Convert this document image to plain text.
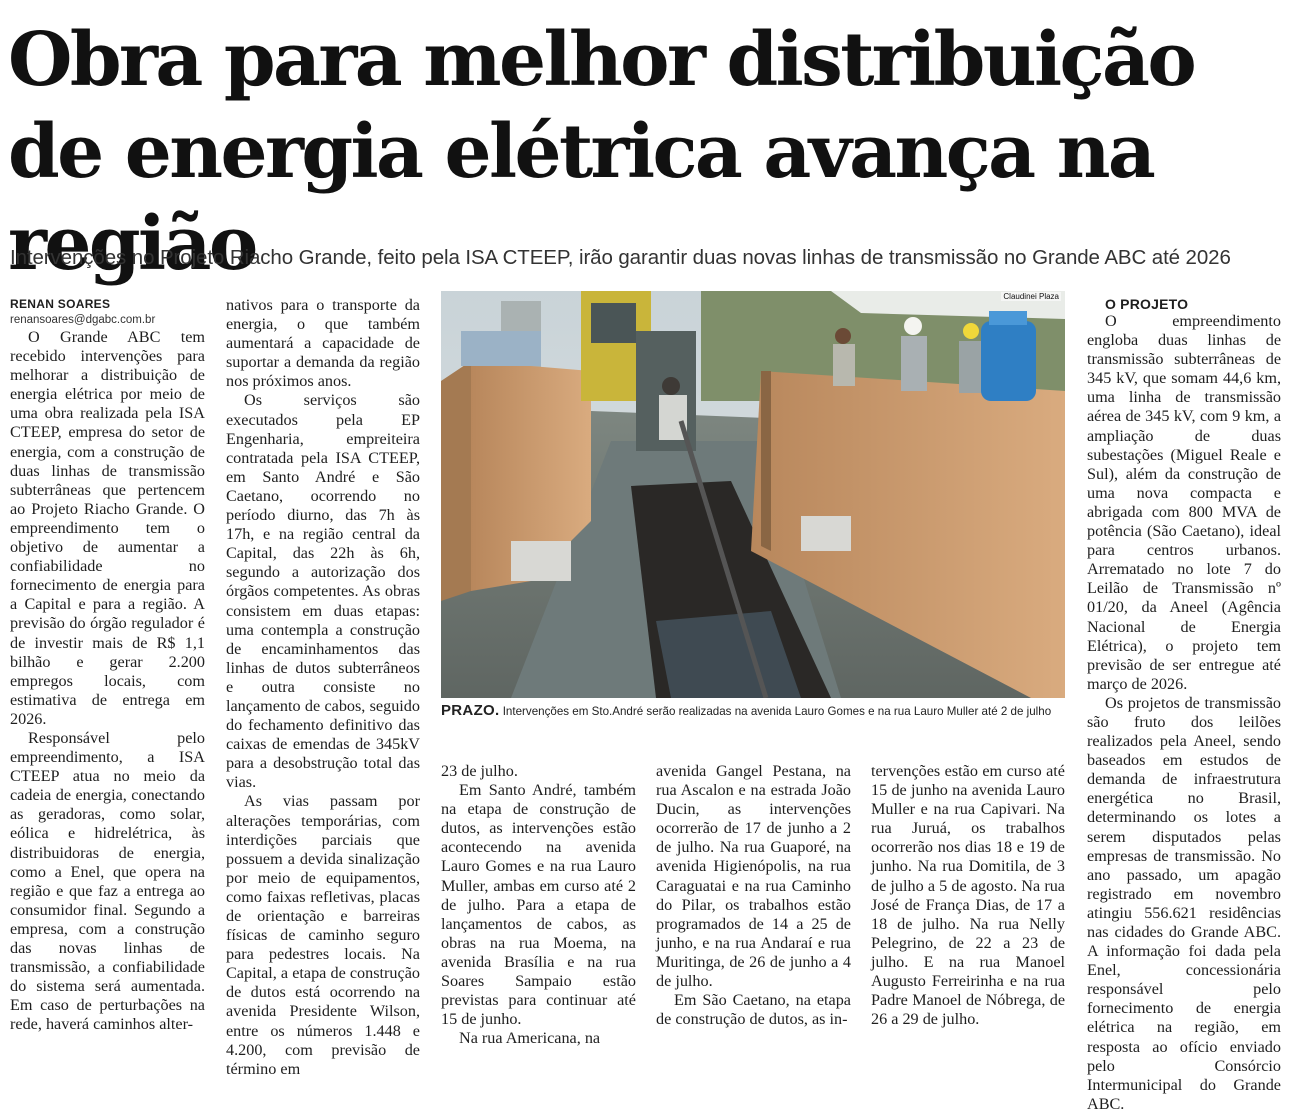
Obra para melhor distribuição de energia elétrica avança na região

Intervenções no Projeto Riacho Grande, feito pela ISA CTEEP, irão garantir duas novas linhas de transmissão no Grande ABC até 2026

RENAN SOARES

renansoares@dgabc.com.br

O Grande ABC tem recebido intervenções para melhorar a distribuição de energia elétrica por meio de uma obra realizada pela ISA CTEEP, empresa do setor de energia, com a construção de duas linhas de transmissão subterrâneas que pertencem ao Projeto Riacho Grande. O empreendimento tem o objetivo de aumentar a confiabilidade no fornecimento de energia para a Capital e para a região. A previsão do órgão regulador é de investir mais de R$ 1,1 bilhão e gerar 2.200 empregos locais, com estimativa de entrega em 2026.

Responsável pelo empreendimento, a ISA CTEEP atua no meio da cadeia de energia, conectando as geradoras, como solar, eólica e hidrelétrica, às distribuidoras de energia, como a Enel, que opera na região e que faz a entrega ao consumidor final. Segundo a empresa, com a construção das novas linhas de transmissão, a confiabilidade do sistema será aumentada. Em caso de perturbações na rede, haverá caminhos alter-

nativos para o transporte da energia, o que também aumentará a capacidade de suportar a demanda da região nos próximos anos.

Os serviços são executados pela EP Engenharia, empreiteira contratada pela ISA CTEEP, em Santo André e São Caetano, ocorrendo no período diurno, das 7h às 17h, e na região central da Capital, das 22h às 6h, segundo a autorização dos órgãos competentes. As obras consistem em duas etapas: uma contempla a construção de encaminhamentos das linhas de dutos subterrâneos e outra consiste no lançamento de cabos, seguido do fechamento definitivo das caixas de emendas de 345kV para a desobstrução total das vias.

As vias passam por alterações temporárias, com interdições parciais que possuem a devida sinalização por meio de equipamentos, como faixas refletivas, placas de orientação e barreiras físicas de caminho seguro para pedestres locais. Na Capital, a etapa de construção de dutos está ocorrendo na avenida Presidente Wilson, entre os números 1.448 e 4.200, com previsão de término em

Claudinei Plaza

PRAZO. Intervenções em Sto.André serão realizadas na avenida Lauro Gomes e na rua Lauro Muller até 2 de julho

23 de julho.

Em Santo André, também na etapa de construção de dutos, as intervenções estão acontecendo na avenida Lauro Gomes e na rua Lauro Muller, ambas em curso até 2 de julho. Para a etapa de lançamentos de cabos, as obras na rua Moema, na avenida Brasília e na rua Soares Sampaio estão previstas para continuar até 15 de junho.

Na rua Americana, na

avenida Gangel Pestana, na rua Ascalon e na estrada João Ducin, as intervenções ocorrerão de 17 de junho a 2 de julho. Na rua Guaporé, na avenida Higienópolis, na rua Caraguatai e na rua Caminho do Pilar, os trabalhos estão programados de 14 a 25 de junho, e na rua Andaraí e rua Muritinga, de 26 de junho a 4 de julho.

Em São Caetano, na etapa de construção de dutos, as in-

tervenções estão em curso até 15 de junho na avenida Lauro Muller e na rua Capivari. Na rua Juruá, os trabalhos ocorrerão nos dias 18 e 19 de junho. Na rua Domitila, de 3 de julho a 5 de agosto. Na rua José de França Dias, de 17 a 18 de julho. Na rua Nelly Pelegrino, de 22 a 23 de julho. E na rua Manoel Augusto Ferreirinha e na rua Padre Manoel de Nóbrega, de 26 a 29 de julho.

O PROJETO

O empreendimento engloba duas linhas de transmissão subterrâneas de 345 kV, que somam 44,6 km, uma linha de transmissão aérea de 345 kV, com 9 km, a ampliação de duas subestações (Miguel Reale e Sul), além da construção de uma nova compacta e abrigada com 800 MVA de potência (São Caetano), ideal para centros urbanos. Arrematado no lote 7 do Leilão de Transmissão nº 01/20, da Aneel (Agência Nacional de Energia Elétrica), o projeto tem previsão de ser entregue até março de 2026.

Os projetos de transmissão são fruto dos leilões realizados pela Aneel, sendo baseados em estudos de demanda de infraestrutura energética no Brasil, determinando os lotes a serem disputados pelas empresas de transmissão. No ano passado, um apagão registrado em novembro atingiu 556.621 residências nas cidades do Grande ABC. A informação foi dada pela Enel, concessionária responsável pelo fornecimento de energia elétrica na região, em resposta ao ofício enviado pelo Consórcio Intermunicipal do Grande ABC.
